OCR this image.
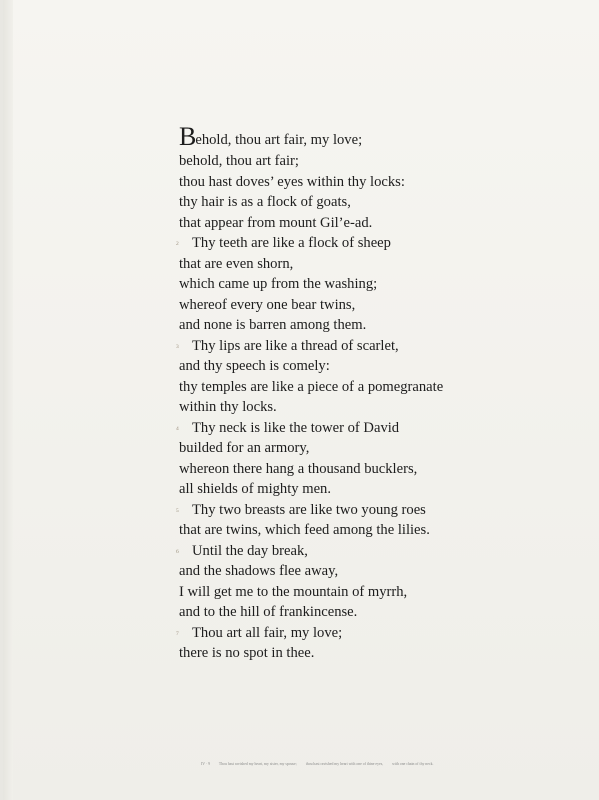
Behold, thou art fair, my love;
behold, thou art fair;
thou hast doves’ eyes within thy locks:
thy hair is as a flock of goats,
that appear from mount Gil’e-ad.
2 Thy teeth are like a flock of sheep
that are even shorn,
which came up from the washing;
whereof every one bear twins,
and none is barren among them.
3 Thy lips are like a thread of scarlet,
and thy speech is comely:
thy temples are like a piece of a pomegranate
within thy locks.
4 Thy neck is like the tower of David
builded for an armory,
whereon there hang a thousand bucklers,
all shields of mighty men.
5 Thy two breasts are like two young roes
that are twins, which feed among the lilies.
6 Until the day break,
and the shadows flee away,
I will get me to the mountain of myrrh,
and to the hill of frankincense.
7 Thou art all fair, my love;
there is no spot in thee.
IV · 9 Thou hast ravished my heart, my sister, my spouse; thou hast ravished my heart with one of thine eyes, with one chain of thy neck.
